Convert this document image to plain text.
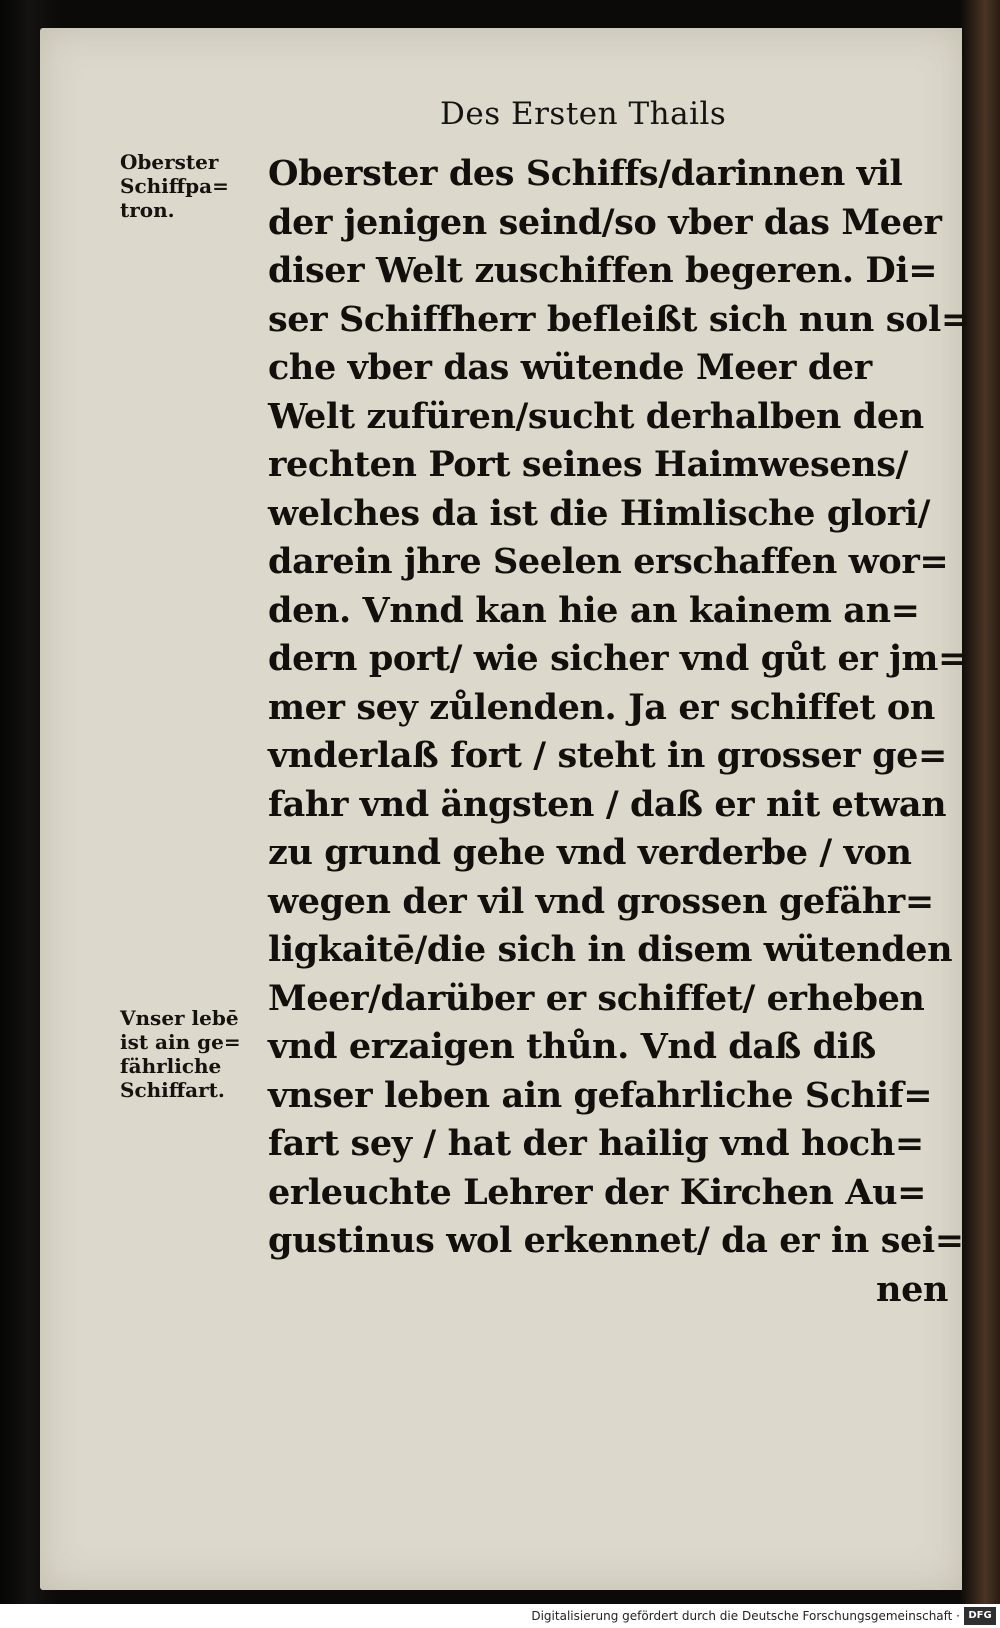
Des Ersten Thails
Oberster
Schiffpa=
tron.
Vnser lebē
ist ain ge=
fährliche
Schiffart.
Oberster des Schiffs/darinnen vil
der jenigen seind/so vber das Meer
diser Welt zuschiffen begeren. Di=
ser Schiffherr befleißt sich nun sol=
che vber das wütende Meer der
Welt zufüren/sucht derhalben den
rechten Port seines Haimwesens/
welches da ist die Himlische glori/
darein jhre Seelen erschaffen wor=
den. Vnnd kan hie an kainem an=
dern port/ wie sicher vnd gůt er jm=
mer sey zůlenden. Ja er schiffet on
vnderlaß fort / steht in grosser ge=
fahr vnd ängsten / daß er nit etwan
zu grund gehe vnd verderbe / von
wegen der vil vnd grossen gefähr=
ligkaitē/die sich in disem wütenden
Meer/darüber er schiffet/ erheben
vnd erzaigen thůn. Vnd daß diß
vnser leben ain gefahrliche Schif=
fart sey / hat der hailig vnd hoch=
erleuchte Lehrer der Kirchen Au=
gustinus wol erkennet/ da er in sei=
nen
Digitalisierung gefördert durch die Deutsche Forschungsgemeinschaft · DFG
